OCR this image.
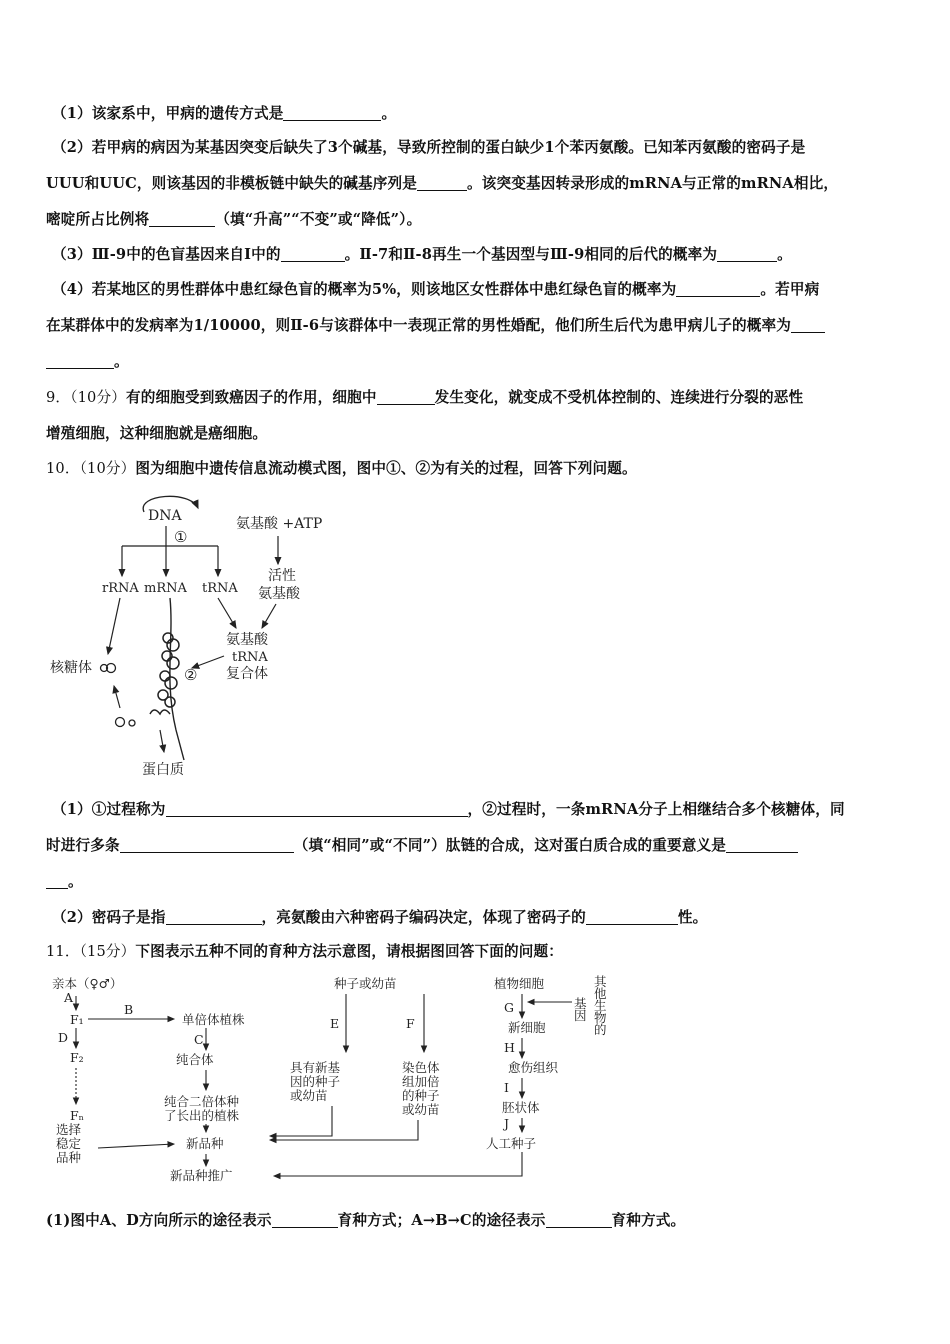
（1）该家系中，甲病的遗传方式是	。
（2）若甲病的病因为某基因突变后缺失了3个碱基，导致所控制的蛋白缺少1个苯丙氨酸。已知苯丙氨酸的密码子是
UUU和UUC，则该基因的非模板链中缺失的碱基序列是	。该突变基因转录形成的mRNA与正常的mRNA相比，
嘧啶所占比例将	（填“升高”“不变”或“降低”）。
（3）Ⅲ-9中的色盲基因来自Ⅰ中的	。Ⅱ-7和Ⅱ-8再生一个基因型与Ⅲ-9相同的后代的概率为	。
（4）若某地区的男性群体中患红绿色盲的概率为5%，则该地区女性群体中患红绿色盲的概率为	。若甲病
在某群体中的发病率为1/10000，则Ⅱ-6与该群体中一表现正常的男性婚配，他们所生后代为患甲病儿子的概率为
。
9．（10分）有的细胞受到致癌因子的作用，细胞中	发生变化，就变成不受机体控制的、连续进行分裂的恶性
增殖细胞，这种细胞就是癌细胞。
10．（10分）图为细胞中遗传信息流动模式图，图中①、②为有关的过程，回答下列问题。
DNA
①
氨基酸 +ATP
rRNA mRNA tRNA
活性
氨基酸
氨基酸
tRNA
复合体
核糖体	②
蛋白质
（1）①过程称为	，②过程时，一条mRNA分子上相继结合多个核糖体，同
时进行多条	（填“相同”或“不同”）肽链的合成，这对蛋白质合成的重要意义是
。
（2）密码子是指	，亮氨酸由六种密码子编码决定，体现了密码子的	性。
11．（15分）下图表示五种不同的育种方法示意图，请根据图回答下面的问题：
亲本（♀♂）
A
F₁
B
单倍体植株
D	C
F₂	纯合体
纯合二倍体种
了长出的植株
Fₙ
选择
稳定
品种
新品种
新品种推广
种子或幼苗
E	F
具有新基
因的种子
或幼苗
染色体
组加倍
的种子
或幼苗
植物细胞	其
他
生
物
的
基
因
G
新细胞
H
愈伤组织
I
胚状体
J
人工种子
(1)图中A、D方向所示的途径表示	育种方式；A→B→C的途径表示	育种方式。
